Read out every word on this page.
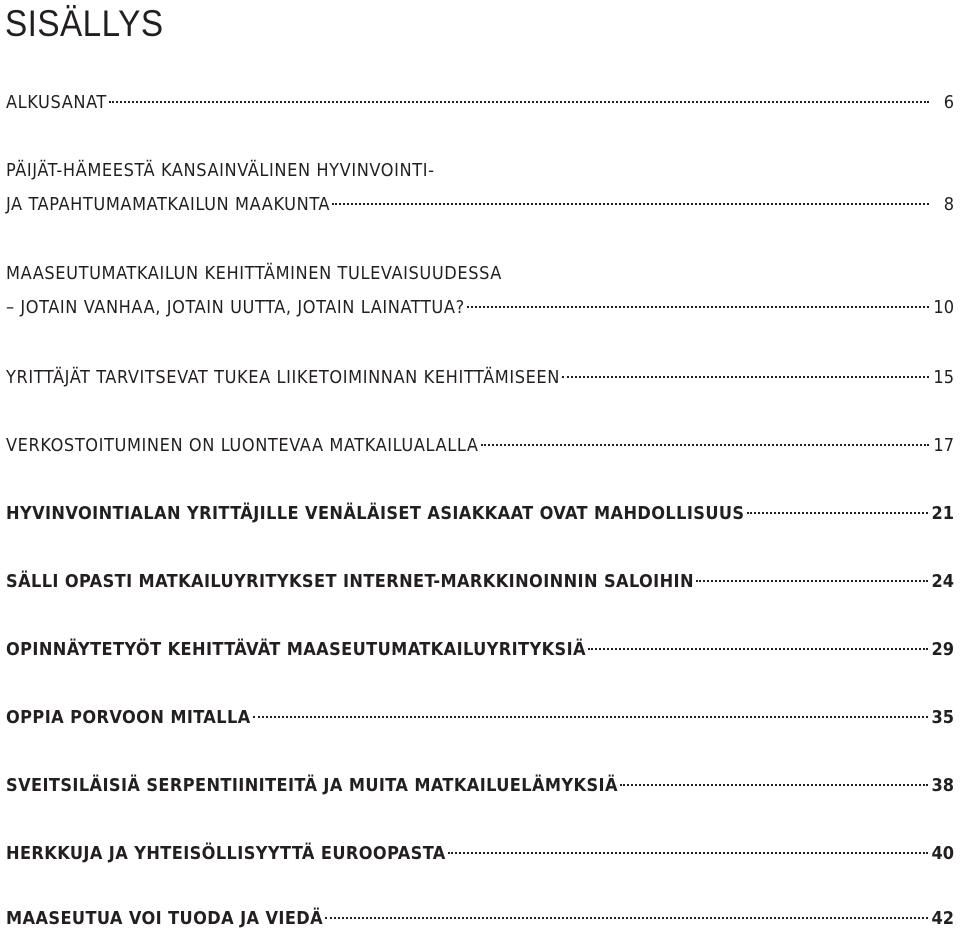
SISÄLLYS
ALKUSANAT	6
PÄIJÄT-HÄMEESTÄ KANSAINVÄLINEN HYVINVOINTI-
JA TAPAHTUMAMATKAILUN MAAKUNTA	8
MAASEUTUMATKAILUN KEHITTÄMINEN TULEVAISUUDESSA
– JOTAIN VANHAA, JOTAIN UUTTA, JOTAIN LAINATTUA?	10
YRITTÄJÄT TARVITSEVAT TUKEA LIIKETOIMINNAN KEHITTÄMISEEN	15
VERKOSTOITUMINEN ON LUONTEVAA MATKAILUALALLA	17
HYVINVOINTIALAN YRITTÄJILLE VENÄLÄISET ASIAKKAAT OVAT MAHDOLLISUUS	21
SÄLLI OPASTI MATKAILUYRITYKSET INTERNET-MARKKINOINNIN SALOIHIN	24
OPINNÄYTETYÖT KEHITTÄVÄT MAASEUTUMATKAILUYRITYKSIÄ	29
OPPIA PORVOON MITALLA	35
SVEITSILÄISIÄ SERPENTIINITEITÄ JA MUITA MATKAILUELÄMYKSIÄ	38
HERKKUJA JA YHTEISÖLLISYYTTÄ EUROOPASTA	40
MAASEUTUA VOI TUODA JA VIEDÄ	42
